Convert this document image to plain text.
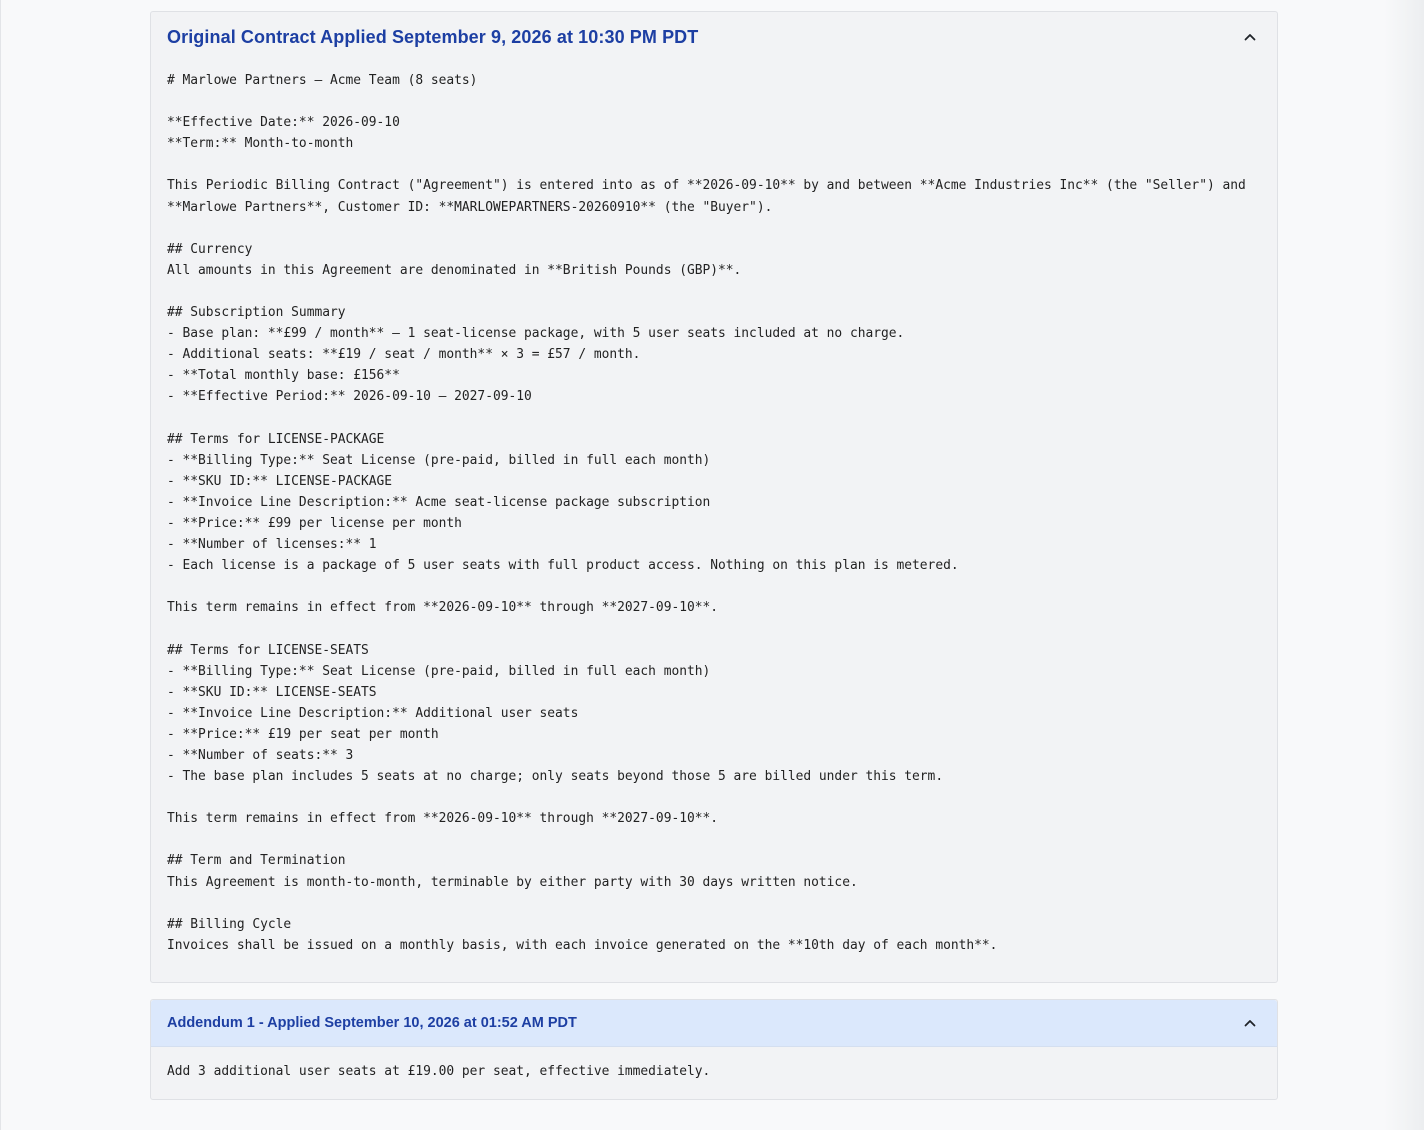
Original Contract Applied September 9, 2026 at 10:30 PM PDT
# Marlowe Partners — Acme Team (8 seats)

**Effective Date:** 2026-09-10
**Term:** Month-to-month

This Periodic Billing Contract ("Agreement") is entered into as of **2026-09-10** by and between **Acme Industries Inc** (the "Seller") and
**Marlowe Partners**, Customer ID: **MARLOWEPARTNERS-20260910** (the "Buyer").

## Currency
All amounts in this Agreement are denominated in **British Pounds (GBP)**.

## Subscription Summary
- Base plan: **£99 / month** — 1 seat-license package, with 5 user seats included at no charge.
- Additional seats: **£19 / seat / month** × 3 = £57 / month.
- **Total monthly base: £156**
- **Effective Period:** 2026-09-10 – 2027-09-10

## Terms for LICENSE-PACKAGE
- **Billing Type:** Seat License (pre-paid, billed in full each month)
- **SKU ID:** LICENSE-PACKAGE
- **Invoice Line Description:** Acme seat-license package subscription
- **Price:** £99 per license per month
- **Number of licenses:** 1
- Each license is a package of 5 user seats with full product access. Nothing on this plan is metered.

This term remains in effect from **2026-09-10** through **2027-09-10**.

## Terms for LICENSE-SEATS
- **Billing Type:** Seat License (pre-paid, billed in full each month)
- **SKU ID:** LICENSE-SEATS
- **Invoice Line Description:** Additional user seats
- **Price:** £19 per seat per month
- **Number of seats:** 3
- The base plan includes 5 seats at no charge; only seats beyond those 5 are billed under this term.

This term remains in effect from **2026-09-10** through **2027-09-10**.

## Term and Termination
This Agreement is month-to-month, terminable by either party with 30 days written notice.

## Billing Cycle
Invoices shall be issued on a monthly basis, with each invoice generated on the **10th day of each month**.
Addendum 1 - Applied September 10, 2026 at 01:52 AM PDT
Add 3 additional user seats at £19.00 per seat, effective immediately.
